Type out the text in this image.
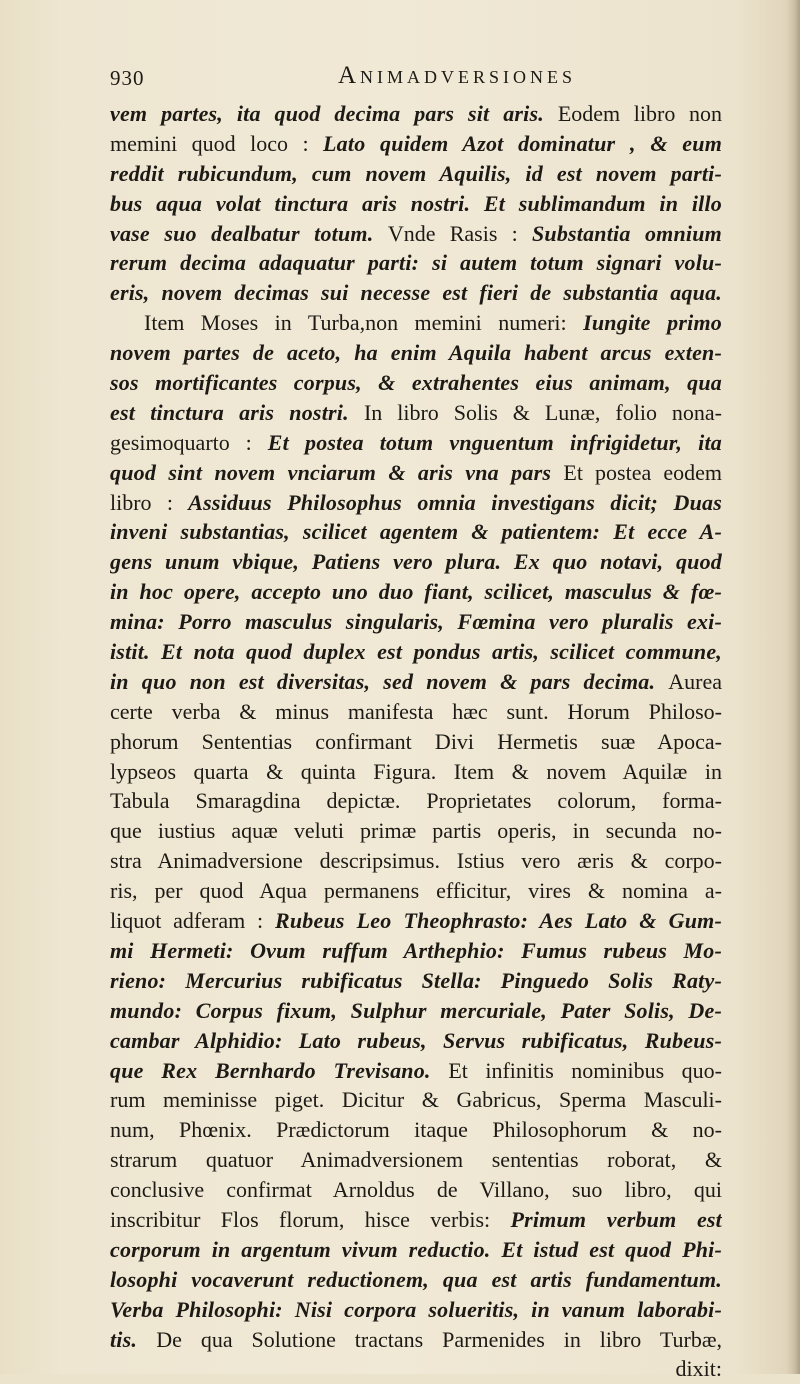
930	Animadversiones
vem partes, ita quod decima pars sit aris. Eodem libro non
memini quod loco : Lato quidem Azot dominatur , & eum
reddit rubicundum, cum novem Aquilis, id est novem parti-
bus aqua volat tinctura aris nostri. Et sublimandum in illo
vase suo dealbatur totum. Vnde Rasis : Substantia omnium
rerum decima adaquatur parti: si autem totum signari volu-
eris, novem decimas sui necesse est fieri de substantia aqua.
Item Moses in Turba,non memini numeri: Iungite primo
novem partes de aceto, ha enim Aquila habent arcus exten-
sos mortificantes corpus, & extrahentes eius animam, qua
est tinctura aris nostri. In libro Solis & Lunæ, folio nona-
gesimoquarto : Et postea totum vnguentum infrigidetur, ita
quod sint novem vnciarum & aris vna pars Et postea eodem
libro : Assiduus Philosophus omnia investigans dicit; Duas
inveni substantias, scilicet agentem & patientem: Et ecce A-
gens unum vbique, Patiens vero plura. Ex quo notavi, quod
in hoc opere, accepto uno duo fiant, scilicet, masculus & fœ-
mina: Porro masculus singularis, Fœmina vero pluralis exi-
istit. Et nota quod duplex est pondus artis, scilicet commune,
in quo non est diversitas, sed novem & pars decima. Aurea
certe verba & minus manifesta hæc sunt. Horum Philoso-
phorum Sententias confirmant Divi Hermetis suæ Apoca-
lypseos quarta & quinta Figura. Item & novem Aquilæ in
Tabula Smaragdina depictæ. Proprietates colorum, forma-
que iustius aquæ veluti primæ partis operis, in secunda no-
stra Animadversione descripsimus. Istius vero æris & corpo-
ris, per quod Aqua permanens efficitur, vires & nomina a-
liquot adferam : Rubeus Leo Theophrasto: Aes Lato & Gum-
mi Hermeti: Ovum ruffum Arthephio: Fumus rubeus Mo-
rieno: Mercurius rubificatus Stella: Pinguedo Solis Raty-
mundo: Corpus fixum, Sulphur mercuriale, Pater Solis, De-
cambar Alphidio: Lato rubeus, Servus rubificatus, Rubeus-
que Rex Bernhardo Trevisano. Et infinitis nominibus quo-
rum meminisse piget. Dicitur & Gabricus, Sperma Masculi-
num, Phœnix. Prædictorum itaque Philosophorum & no-
strarum quatuor Animadversionem sententias roborat, &
conclusive confirmat Arnoldus de Villano, suo libro, qui
inscribitur Flos florum, hisce verbis: Primum verbum est
corporum in argentum vivum reductio. Et istud est quod Phi-
losophi vocaverunt reductionem, qua est artis fundamentum.
Verba Philosophi: Nisi corpora solueritis, in vanum laborabi-
tis. De qua Solutione tractans Parmenides in libro Turbæ,
dixit:
